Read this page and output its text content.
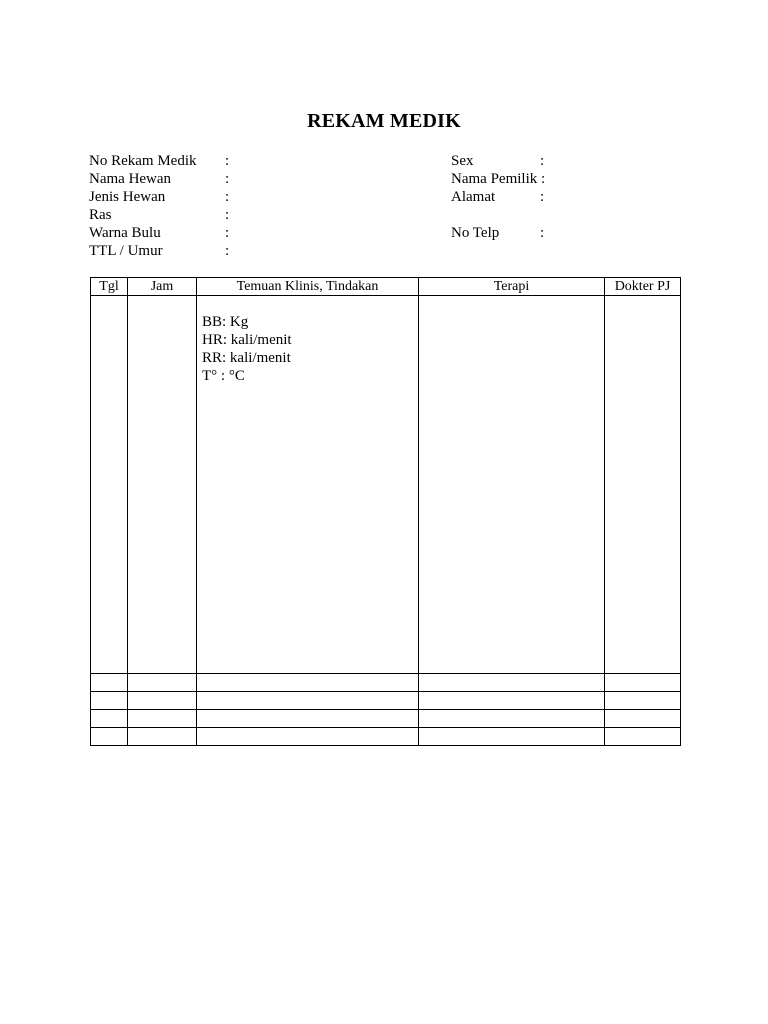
REKAM MEDIK
No Rekam Medik :
Nama Hewan	:
Jenis Hewan	:
Ras	:
Warna Bulu	:
TTL / Umur	:
Sex	:
Nama Pemilik :
Alamat	:
No Telp	:
Tgl	Jam	Temuan Klinis, Tindakan	Terapi	Dokter PJ

		BB: Kg
HR: kali/menit
RR: kali/menit
T° : °C		
